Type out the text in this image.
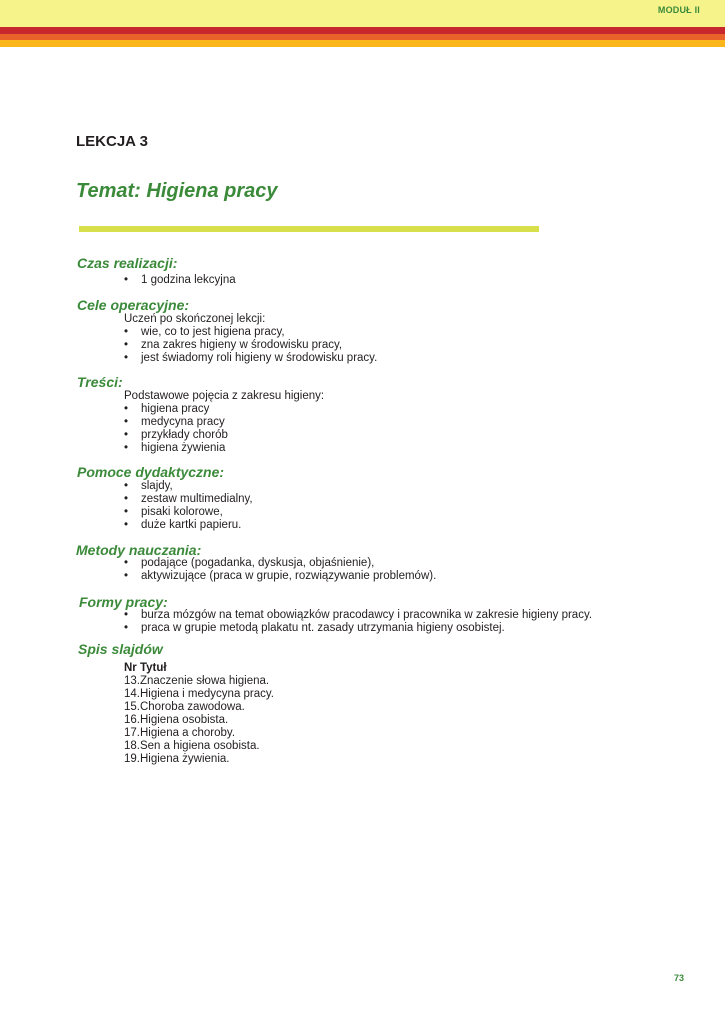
MODUŁ II
LEKCJA 3
Temat: Higiena pracy
Czas realizacji:
• 1 godzina lekcyjna
Cele operacyjne:
Uczeń po skończonej lekcji:
• wie, co to jest higiena pracy,
• zna zakres higieny w środowisku pracy,
• jest świadomy roli higieny w środowisku pracy.
Treści:
Podstawowe pojęcia z zakresu higieny:
• higiena pracy
• medycyna pracy
• przykłady chorób
• higiena żywienia
Pomoce dydaktyczne:
• slajdy,
• zestaw multimedialny,
• pisaki kolorowe,
• duże kartki papieru.
Metody nauczania:
• podające (pogadanka, dyskusja, objaśnienie),
• aktywizujące (praca w grupie, rozwiązywanie problemów).
Formy pracy:
• burza mózgów na temat obowiązków pracodawcy i pracownika w zakresie higieny pracy.
• praca w grupie metodą plakatu nt. zasady utrzymania higieny osobistej.
Spis slajdów
Nr Tytuł
13.Znaczenie słowa higiena.
14.Higiena i medycyna pracy.
15.Choroba zawodowa.
16.Higiena osobista.
17.Higiena a choroby.
18.Sen a higiena osobista.
19.Higiena żywienia.
73
